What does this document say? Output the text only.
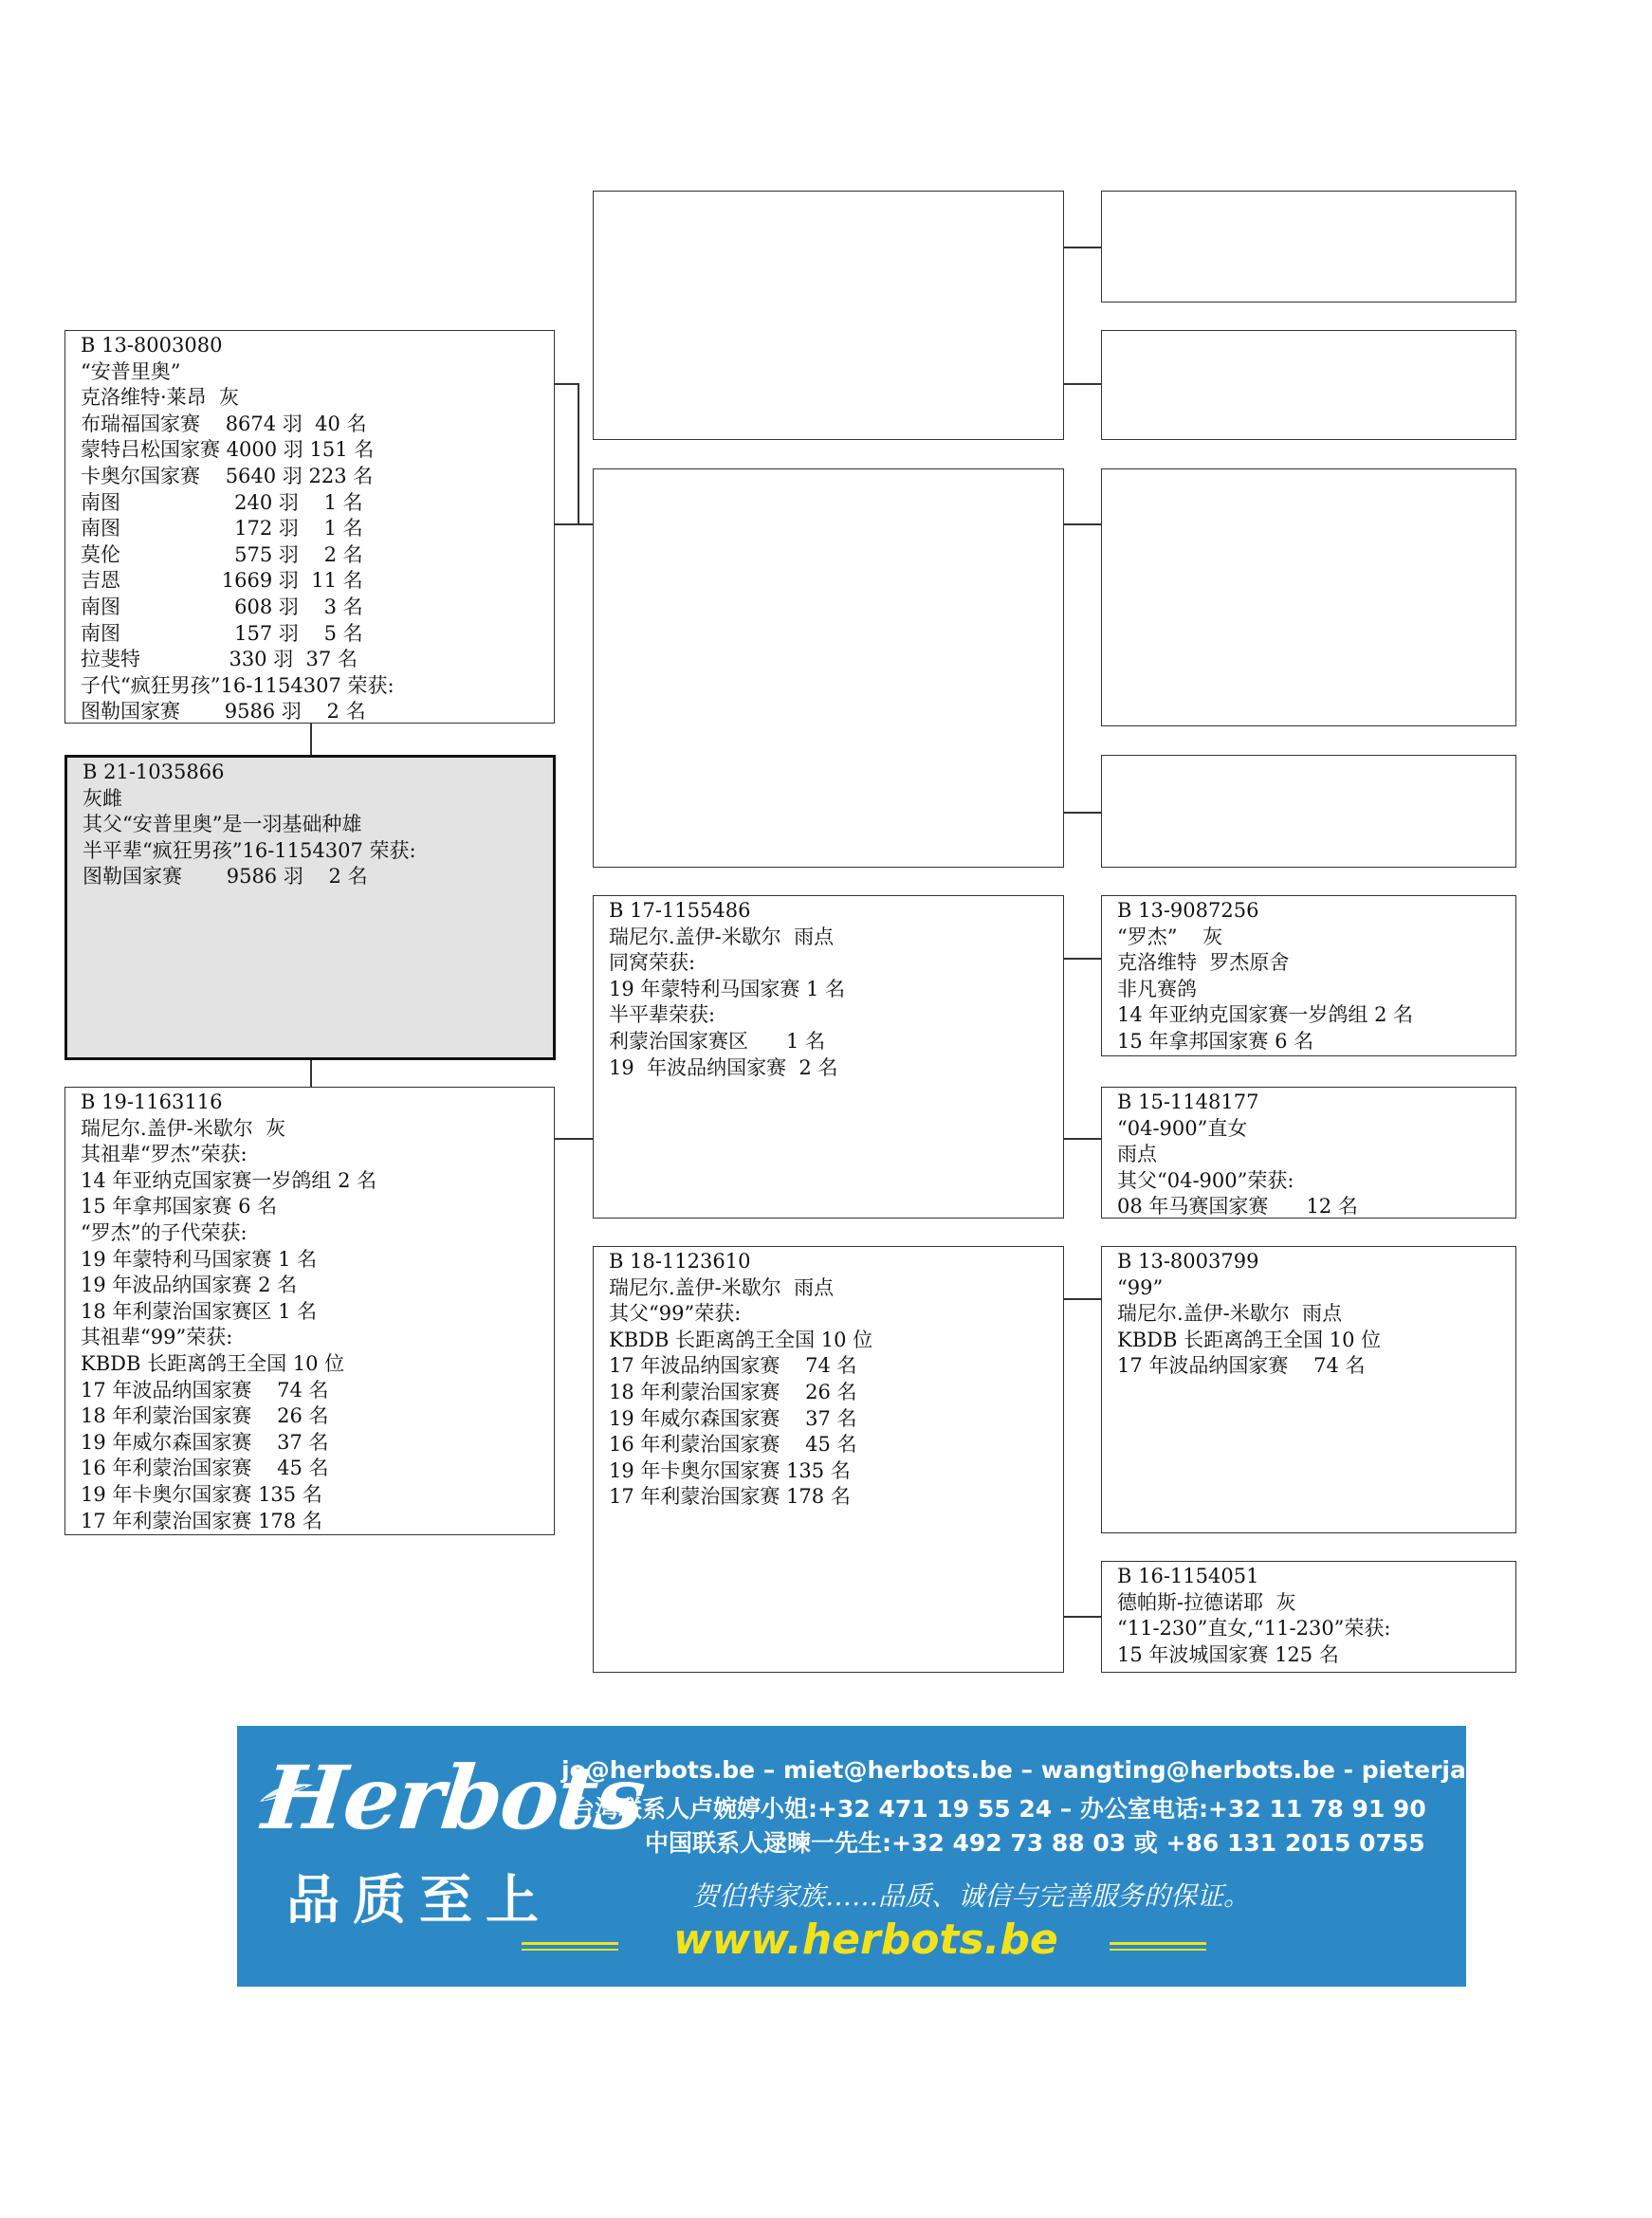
B 13-8003080
“安普里奥”
克洛维特·莱昂  灰
布瑞福国家赛    8674 羽  40 名
蒙特吕松国家赛 4000 羽 151 名
卡奥尔国家赛    5640 羽 223 名
南图                  240 羽    1 名
南图                  172 羽    1 名
莫伦                  575 羽    2 名
吉恩                1669 羽  11 名
南图                  608 羽    3 名
南图                  157 羽    5 名
拉斐特              330 羽  37 名
子代“疯狂男孩”16-1154307 荣获:
图勒国家赛       9586 羽    2 名
B 21-1035866
灰雌
其父“安普里奥”是一羽基础种雄
半平辈“疯狂男孩”16-1154307 荣获:
图勒国家赛       9586 羽    2 名
B 19-1163116
瑞尼尔.盖伊-米歇尔  灰
其祖辈“罗杰”荣获:
14 年亚纳克国家赛一岁鸽组 2 名
15 年拿邦国家赛 6 名
“罗杰”的子代荣获:
19 年蒙特利马国家赛 1 名
19 年波品纳国家赛 2 名
18 年利蒙治国家赛区 1 名
其祖辈“99”荣获:
KBDB 长距离鸽王全国 10 位
17 年波品纳国家赛    74 名
18 年利蒙治国家赛    26 名
19 年威尔森国家赛    37 名
16 年利蒙治国家赛    45 名
19 年卡奥尔国家赛 135 名
17 年利蒙治国家赛 178 名
B 17-1155486
瑞尼尔.盖伊-米歇尔  雨点
同窝荣获:
19 年蒙特利马国家赛 1 名
半平辈荣获:
利蒙治国家赛区      1 名
19  年波品纳国家赛  2 名
B 18-1123610
瑞尼尔.盖伊-米歇尔  雨点
其父“99”荣获:
KBDB 长距离鸽王全国 10 位
17 年波品纳国家赛    74 名
18 年利蒙治国家赛    26 名
19 年威尔森国家赛    37 名
16 年利蒙治国家赛    45 名
19 年卡奥尔国家赛 135 名
17 年利蒙治国家赛 178 名
B 13-9087256
“罗杰”    灰
克洛维特  罗杰原舍
非凡赛鸽
14 年亚纳克国家赛一岁鸽组 2 名
15 年拿邦国家赛 6 名
B 15-1148177
“04-900”直女
雨点
其父“04-900”荣获:
08 年马赛国家赛      12 名
B 13-8003799
“99”
瑞尼尔.盖伊-米歇尔  雨点
KBDB 长距离鸽王全国 10 位
17 年波品纳国家赛    74 名
B 16-1154051
德帕斯-拉德诺耶  灰
“11-230”直女,“11-230”荣获:
15 年波城国家赛 125 名
Herbots
品质至上
jo@herbots.be – miet@herbots.be – wangting@herbots.be - pieterjan@herbots.be
台湾联系人卢婉婷小姐:+32 471 19 55 24 – 办公室电话:+32 11 78 91 90
中国联系人逯暕一先生:+32 492 73 88 03 或 +86 131 2015 0755
贺伯特家族……品质、诚信与完善服务的保证。
www.herbots.be
